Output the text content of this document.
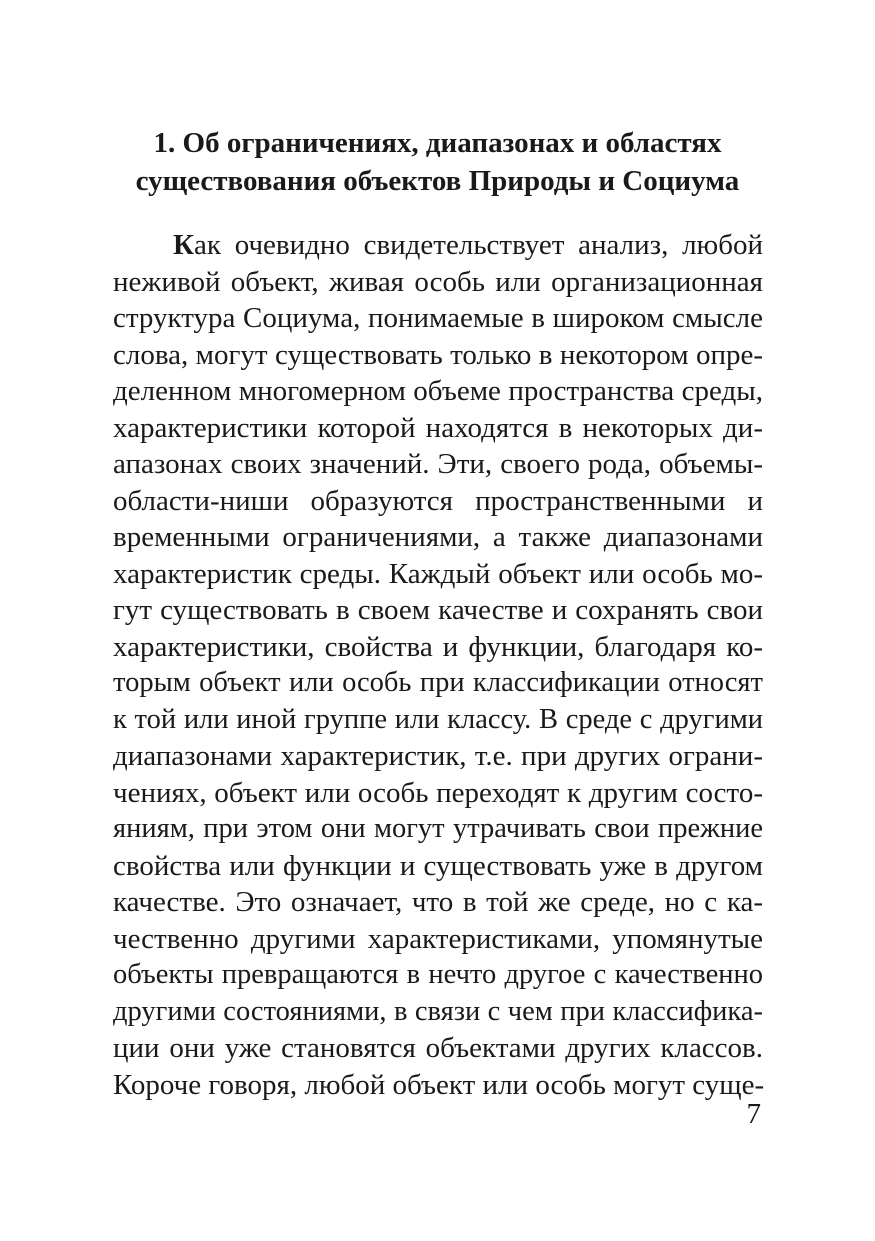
1. Об ограничениях, диапазонах и областях
существования объектов Природы и Социума
Как очевидно свидетельствует анализ, любой
неживой объект, живая особь или организационная
структура Социума, понимаемые в широком смысле
слова, могут существовать только в некотором опре-
деленном многомерном объеме пространства среды,
характеристики которой находятся в некоторых ди-
апазонах своих значений. Эти, своего рода, объемы-
области-ниши образуются пространственными и
временными ограничениями, а также диапазонами
характеристик среды. Каждый объект или особь мо-
гут существовать в своем качестве и сохранять свои
характеристики, свойства и функции, благодаря ко-
торым объект или особь при классификации относят
к той или иной группе или классу. В среде с другими
диапазонами характеристик, т.е. при других ограни-
чениях, объект или особь переходят к другим состо-
яниям, при этом они могут утрачивать свои прежние
свойства или функции и существовать уже в другом
качестве. Это означает, что в той же среде, но с ка-
чественно другими характеристиками, упомянутые
объекты превращаются в нечто другое с качественно
другими состояниями, в связи с чем при классифика-
ции они уже становятся объектами других классов.
Короче говоря, любой объект или особь могут суще-
7
